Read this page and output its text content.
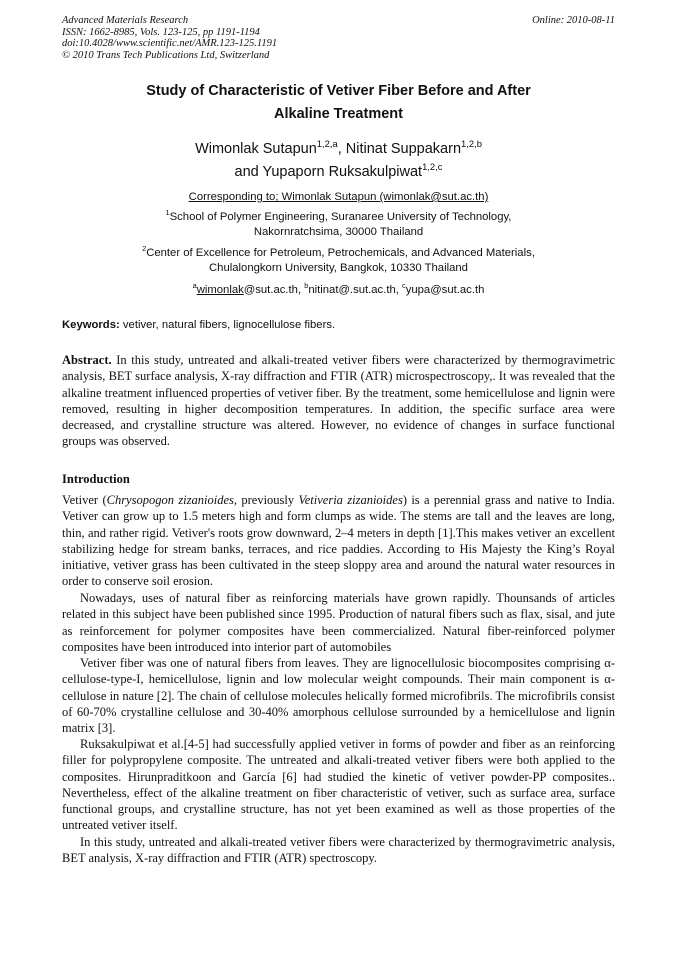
Advanced Materials Research
ISSN: 1662-8985, Vols. 123-125, pp 1191-1194
doi:10.4028/www.scientific.net/AMR.123-125.1191
© 2010 Trans Tech Publications Ltd, Switzerland
Online: 2010-08-11
Study of Characteristic of Vetiver Fiber Before and After
Alkaline Treatment
Wimonlak Sutapun$^{1,2,a}$, Nitinat Suppakarn$^{1,2,b}$
and Yupaporn Ruksakulpiwat$^{1,2,c}$
Corresponding to; Wimonlak Sutapun (wimonlak@sut.ac.th)
$^1$School of Polymer Engineering, Suranaree University of Technology,
Nakornratchsima, 30000 Thailand
$^2$Center of Excellence for Petroleum, Petrochemicals, and Advanced Materials,
Chulalongkorn University, Bangkok, 10330 Thailand
$^a$wimonlak@sut.ac.th, $^b$nitinat@.sut.ac.th, $^c$yupa@sut.ac.th
Keywords: vetiver, natural fibers, lignocellulose fibers.
Abstract. In this study, untreated and alkali-treated vetiver fibers were characterized by thermogravimetric analysis, BET surface analysis, X-ray diffraction and FTIR (ATR) microspectroscopy,. It was revealed that the alkaline treatment influenced properties of vetiver fiber. By the treatment, some hemicellulose and lignin were removed, resulting in higher decomposition temperatures. In addition, the specific surface area were decreased, and crystalline structure was altered. However, no evidence of changes in surface functional groups was observed.
Introduction
Vetiver (Chrysopogon zizanioides, previously Vetiveria zizanioides) is a perennial grass and native to India. Vetiver can grow up to 1.5 meters high and form clumps as wide. The stems are tall and the leaves are long, thin, and rather rigid. Vetiver's roots grow downward, 2–4 meters in depth [1].This makes vetiver an excellent stabilizing hedge for stream banks, terraces, and rice paddies. According to His Majesty the King’s Royal initiative, vetiver grass has been cultivated in the steep sloppy area and around the natural water resources in order to conserve soil erosion.
Nowadays, uses of natural fiber as reinforcing materials have grown rapidly. Thounsands of articles related in this subject have been published since 1995. Production of natural fibers such as flax, sisal, and jute as reinforcement for polymer composites have been commercialized. Natural fiber-reinforced polymer composites have been introduced into interior part of automobiles
Vetiver fiber was one of natural fibers from leaves. They are lignocellulosic biocomposites comprising α-cellulose-type-I, hemicellulose, lignin and low molecular weight compounds. Their main component is α-cellulose in nature [2]. The chain of cellulose molecules helically formed microfibrils. The microfibrils consist of 60-70% crystalline cellulose and 30-40% amorphous cellulose surrounded by a hemicellulose and lignin matrix [3].
Ruksakulpiwat et al.[4-5] had successfully applied vetiver in forms of powder and fiber as an reinforcing filler for polypropylene composite. The untreated and alkali-treated vetiver fibers were both applied to the composites. Hirunpraditkoon and García [6] had studied the kinetic of vetiver powder-PP composites.. Nevertheless, effect of the alkaline treatment on fiber characteristic of vetiver, such as surface area, surface functional groups, and crystalline structure, has not yet been examined as well as those properties of the untreated vetiver itself.
In this study, untreated and alkali-treated vetiver fibers were characterized by thermogravimetric analysis, BET analysis, X-ray diffraction and FTIR (ATR) spectroscopy.
